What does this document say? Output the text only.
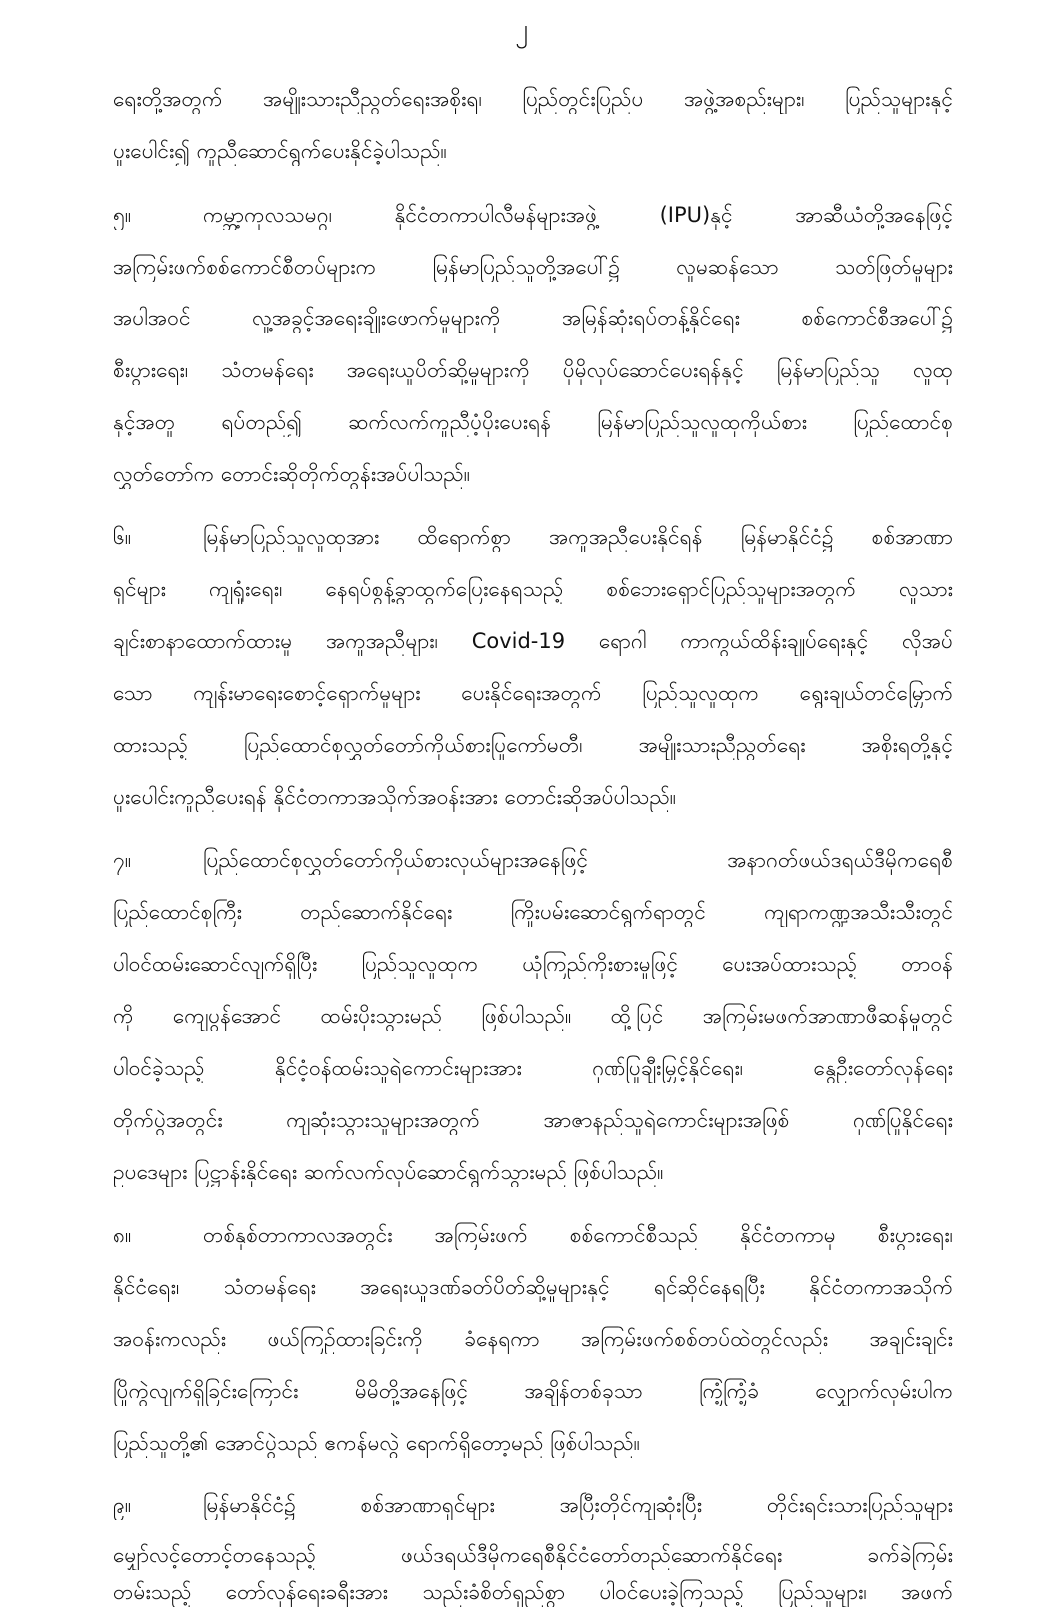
၂
ရေးတို့အတွက် အမျိုးသားညီညွတ်ရေးအစိုးရ၊ ပြည်တွင်းပြည်ပ အဖွဲ့အစည်းများ၊ ပြည်သူများနှင့်
ပူးပေါင်း၍ ကူညီဆောင်ရွက်ပေးနိုင်ခဲ့ပါသည်။
၅။	ကမ္ဘာ့ကုလသမဂ္ဂ၊ နိုင်ငံတကာပါလီမန်များအဖွဲ့ (IPU)နှင့် အာဆီယံတို့အနေဖြင့်
အကြမ်းဖက်စစ်ကောင်စီတပ်များက မြန်မာပြည်သူတို့အပေါ်၌ လူမဆန်သော သတ်ဖြတ်မှုများ
အပါအဝင် လူ့အခွင့်အရေးချိုးဖောက်မှုများကို အမြန်ဆုံးရပ်တန့်နိုင်ရေး စစ်ကောင်စီအပေါ်၌
စီးပွားရေး၊ သံတမန်ရေး အရေးယူပိတ်ဆို့မှုများကို ပိုမိုလုပ်ဆောင်ပေးရန်နှင့် မြန်မာပြည်သူ လူထု
နှင့်အတူ ရပ်တည်၍ ဆက်လက်ကူညီပံ့ပိုးပေးရန် မြန်မာပြည်သူလူထုကိုယ်စား ပြည်ထောင်စု
လွှတ်တော်က တောင်းဆိုတိုက်တွန်းအပ်ပါသည်။
၆။	မြန်မာပြည်သူလူထုအား ထိရောက်စွာ အကူအညီပေးနိုင်ရန် မြန်မာနိုင်ငံ၌ စစ်အာဏာ
ရှင်များ ကျရှုံးရေး၊ နေရပ်စွန့်ခွာထွက်ပြေးနေရသည့် စစ်ဘေးရှောင်ပြည်သူများအတွက် လူသား
ချင်းစာနာထောက်ထားမှု အကူအညီများ၊ Covid-19 ရောဂါ ကာကွယ်ထိန်းချုပ်ရေးနှင့် လိုအပ်
သော ကျန်းမာရေးစောင့်ရှောက်မှုများ ပေးနိုင်ရေးအတွက် ပြည်သူလူထုက ရွေးချယ်တင်မြှောက်
ထားသည့် ပြည်ထောင်စုလွှတ်တော်ကိုယ်စားပြုကော်မတီ၊ အမျိုးသားညီညွတ်ရေး အစိုးရတို့နှင့်
ပူးပေါင်းကူညီပေးရန် နိုင်ငံတကာအသိုက်အဝန်းအား တောင်းဆိုအပ်ပါသည်။
၇။	ပြည်ထောင်စုလွှတ်တော်ကိုယ်စားလှယ်များအနေဖြင့် အနာဂတ်ဖယ်ဒရယ်ဒီမိုကရေစီ
ပြည်ထောင်စုကြီး တည်ဆောက်နိုင်ရေး ကြိုးပမ်းဆောင်ရွက်ရာတွင် ကျရာကဏ္ဍအသီးသီးတွင်
ပါဝင်ထမ်းဆောင်လျက်ရှိပြီး ပြည်သူလူထုက ယုံကြည်ကိုးစားမှုဖြင့် ပေးအပ်ထားသည့် တာဝန်
ကို ကျေပွန်အောင် ထမ်းပိုးသွားမည် ဖြစ်ပါသည်။ ထို့ပြင် အကြမ်းမဖက်အာဏာဖီဆန်မှုတွင်
ပါဝင်ခဲ့သည့် နိုင်ငံ့ဝန်ထမ်းသူရဲကောင်းများအား ဂုဏ်ပြုချီးမြှင့်နိုင်ရေး၊ နွေဦးတော်လှန်ရေး
တိုက်ပွဲအတွင်း ကျဆုံးသွားသူများအတွက် အာဇာနည်သူရဲကောင်းများအဖြစ် ဂုဏ်ပြုနိုင်ရေး
ဥပဒေများ ပြဋ္ဌာန်းနိုင်ရေး ဆက်လက်လုပ်ဆောင်ရွက်သွားမည် ဖြစ်ပါသည်။
၈။	တစ်နှစ်တာကာလအတွင်း အကြမ်းဖက် စစ်ကောင်စီသည် နိုင်ငံတကာမှ စီးပွားရေး၊
နိုင်ငံရေး၊ သံတမန်ရေး အရေးယူဒဏ်ခတ်ပိတ်ဆို့မှုများနှင့် ရင်ဆိုင်နေရပြီး နိုင်ငံတကာအသိုက်
အဝန်းကလည်း ဖယ်ကြဉ်ထားခြင်းကို ခံနေရကာ အကြမ်းဖက်စစ်တပ်ထဲတွင်လည်း အချင်းချင်း
ပြိုကွဲလျက်ရှိခြင်းကြောင်း မိမိတို့အနေဖြင့် အချိန်တစ်ခုသာ ကြံ့ကြံ့ခံ လျှောက်လှမ်းပါက
ပြည်သူတို့၏ အောင်ပွဲသည် ဧကန်မလွဲ ရောက်ရှိတော့မည် ဖြစ်ပါသည်။
၉။	မြန်မာနိုင်ငံ၌ စစ်အာဏာရှင်များ အပြီးတိုင်ကျဆုံးပြီး တိုင်းရင်းသားပြည်သူများ
မျှော်လင့်တောင့်တနေသည့် ဖယ်ဒရယ်ဒီမိုကရေစီနိုင်ငံတော်တည်ဆောက်နိုင်ရေး ခက်ခဲကြမ်း
တမ်းသည့် တော်လှန်ရေးခရီးအား သည်းခံစိတ်ရှည်စွာ ပါဝင်ပေးခဲ့ကြသည့် ပြည်သူများ၊ အဖက်
